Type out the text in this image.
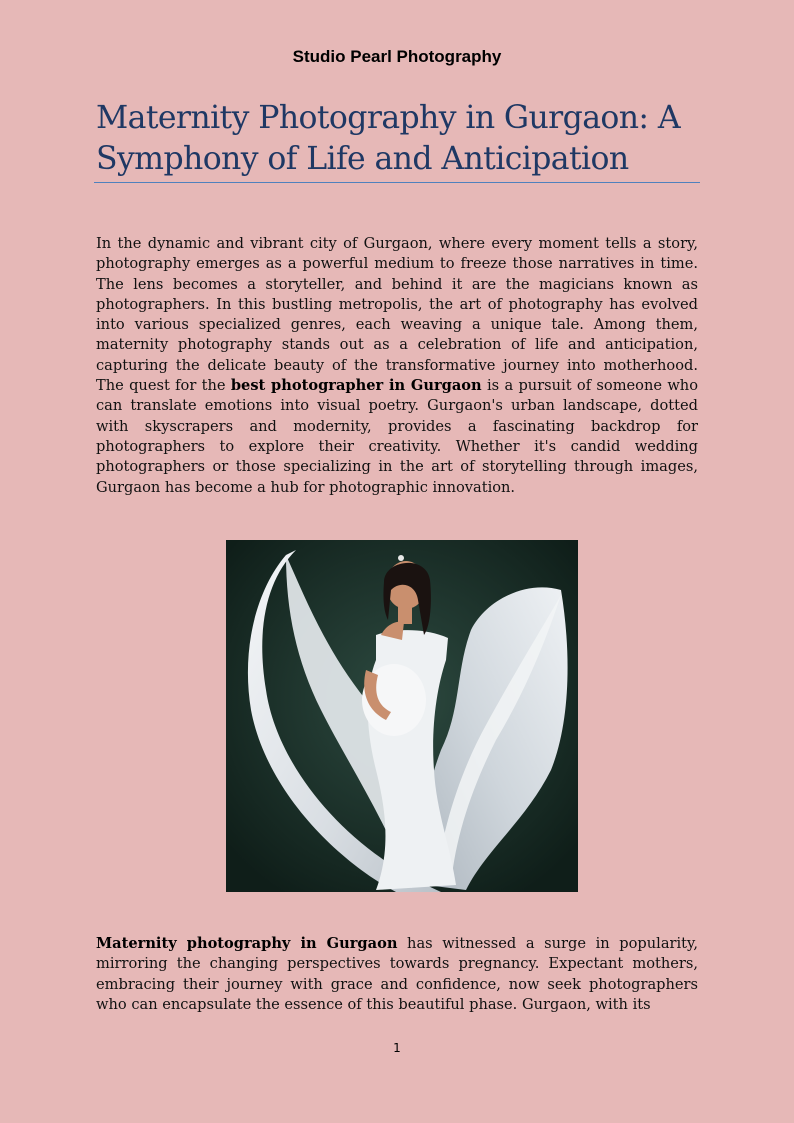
Studio Pearl Photography
Maternity Photography in Gurgaon: A Symphony of Life and Anticipation

In the dynamic and vibrant city of Gurgaon, where every moment tells a story, photography emerges as a powerful medium to freeze those narratives in time. The lens becomes a storyteller, and behind it are the magicians known as photographers. In this bustling metropolis, the art of photography has evolved into various specialized genres, each weaving a unique tale. Among them, maternity photography stands out as a celebration of life and anticipation, capturing the delicate beauty of the transformative journey into motherhood. The quest for the best photographer in Gurgaon is a pursuit of someone who can translate emotions into visual poetry. Gurgaon's urban landscape, dotted with skyscrapers and modernity, provides a fascinating backdrop for photographers to explore their creativity. Whether it's candid wedding photographers or those specializing in the art of storytelling through images, Gurgaon has become a hub for photographic innovation.

Maternity photography in Gurgaon has witnessed a surge in popularity, mirroring the changing perspectives towards pregnancy. Expectant mothers, embracing their journey with grace and confidence, now seek photographers who can encapsulate the essence of this beautiful phase. Gurgaon, with its

1
